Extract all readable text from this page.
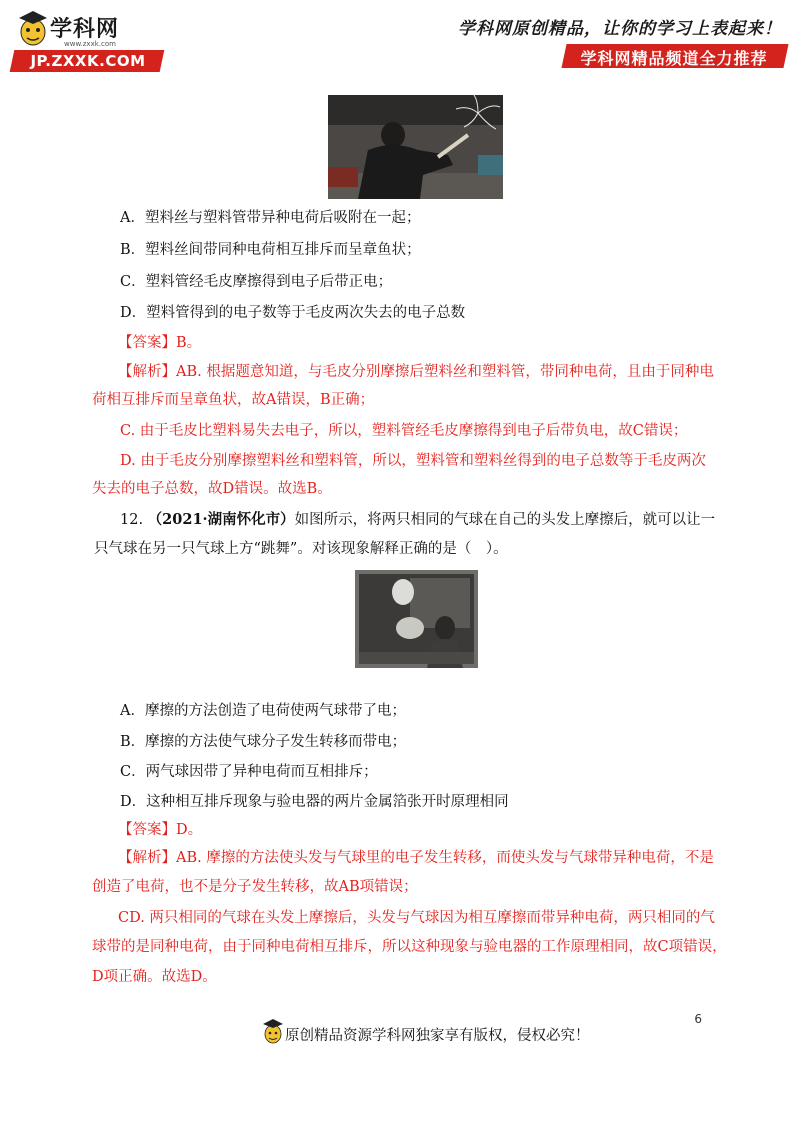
学科网
www.zxxk.com
JP.ZXXK.COM
学科网原创精品，让你的学习上表起来！
学科网精品频道全力推荐
A．塑料丝与塑料管带异种电荷后吸附在一起；
B．塑料丝间带同种电荷相互排斥而呈章鱼状；
C．塑料管经毛皮摩擦得到电子后带正电；
D．塑料管得到的电子数等于毛皮两次失去的电子总数
【答案】B。
【解析】AB. 根据题意知道，与毛皮分别摩擦后塑料丝和塑料管，带同种电荷，且由于同种电
荷相互排斥而呈章鱼状，故A错误，B正确；
C. 由于毛皮比塑料易失去电子，所以，塑料管经毛皮摩擦得到电子后带负电，故C错误；
D. 由于毛皮分别摩擦塑料丝和塑料管，所以，塑料管和塑料丝得到的电子总数等于毛皮两次
失去的电子总数，故D错误。故选B。
12. （2021·湖南怀化市）如图所示，将两只相同的气球在自己的头发上摩擦后，就可以让一
只气球在另一只气球上方“跳舞”。对该现象解释正确的是（　）。
A．摩擦的方法创造了电荷使两气球带了电；
B．摩擦的方法使气球分子发生转移而带电；
C．两气球因带了异种电荷而互相排斥；
D．这种相互排斥现象与验电器的两片金属箔张开时原理相同
【答案】D。
【解析】AB. 摩擦的方法使头发与气球里的电子发生转移，而使头发与气球带异种电荷，不是
创造了电荷，也不是分子发生转移，故AB项错误；
CD. 两只相同的气球在头发上摩擦后，头发与气球因为相互摩擦而带异种电荷，两只相同的气
球带的是同种电荷，由于同种电荷相互排斥，所以这种现象与验电器的工作原理相同，故C项错误，
D项正确。故选D。
6
原创精品资源学科网独家享有版权，侵权必究！
